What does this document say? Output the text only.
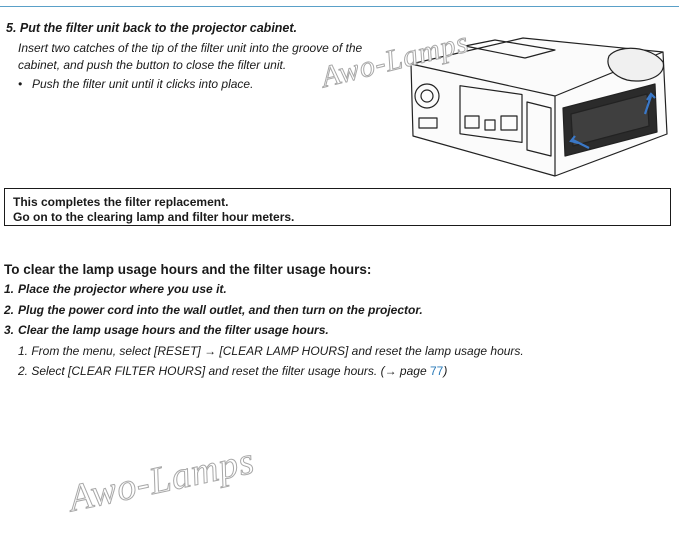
5. Put the filter unit back to the projector cabinet.
Insert two catches of the tip of the filter unit into the groove of the cabinet, and push the button to close the filter unit.
• Push the filter unit until it clicks into place. Awo-Lamps
This completes the filter replacement.
Go on to the clearing lamp and filter hour meters.
To clear the lamp usage hours and the filter usage hours:
1. Place the projector where you use it.
2. Plug the power cord into the wall outlet, and then turn on the projector.
3. Clear the lamp usage hours and the filter usage hours.
1. From the menu, select [RESET] → [CLEAR LAMP HOURS] and reset the lamp usage hours.
2. Select [CLEAR FILTER HOURS] and reset the filter usage hours. (→ page 77)
Awo-Lamps
